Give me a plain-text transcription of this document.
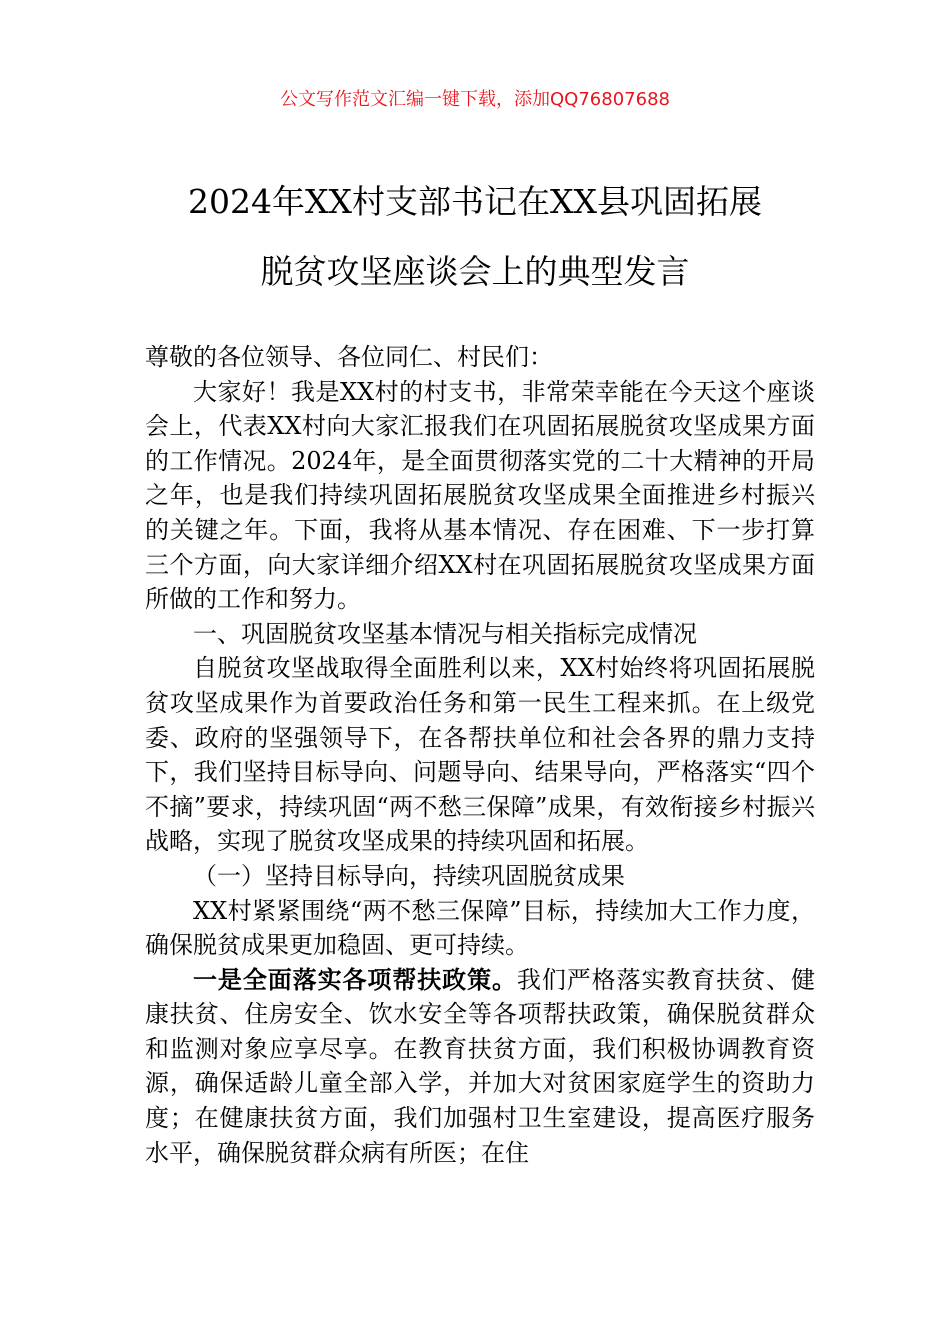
公文写作范文汇编一键下载，添加QQ76807688
2024年XX村支部书记在XX县巩固拓展
脱贫攻坚座谈会上的典型发言

尊敬的各位领导、各位同仁、村民们：

大家好！我是XX村的村支书，非常荣幸能在今天这个座谈会上，代表XX村向大家汇报我们在巩固拓展脱贫攻坚成果方面的工作情况。2024年，是全面贯彻落实党的二十大精神的开局之年，也是我们持续巩固拓展脱贫攻坚成果全面推进乡村振兴的关键之年。下面，我将从基本情况、存在困难、下一步打算三个方面，向大家详细介绍XX村在巩固拓展脱贫攻坚成果方面所做的工作和努力。

一、巩固脱贫攻坚基本情况与相关指标完成情况

自脱贫攻坚战取得全面胜利以来，XX村始终将巩固拓展脱贫攻坚成果作为首要政治任务和第一民生工程来抓。在上级党委、政府的坚强领导下，在各帮扶单位和社会各界的鼎力支持下，我们坚持目标导向、问题导向、结果导向，严格落实“四个不摘”要求，持续巩固“两不愁三保障”成果，有效衔接乡村振兴战略，实现了脱贫攻坚成果的持续巩固和拓展。

（一）坚持目标导向，持续巩固脱贫成果

XX村紧紧围绕“两不愁三保障”目标，持续加大工作力度，确保脱贫成果更加稳固、更可持续。

一是全面落实各项帮扶政策。我们严格落实教育扶贫、健康扶贫、住房安全、饮水安全等各项帮扶政策，确保脱贫群众和监测对象应享尽享。在教育扶贫方面，我们积极协调教育资源，确保适龄儿童全部入学，并加大对贫困家庭学生的资助力度；在健康扶贫方面，我们加强村卫生室建设，提高医疗服务水平，确保脱贫群众病有所医；在住
